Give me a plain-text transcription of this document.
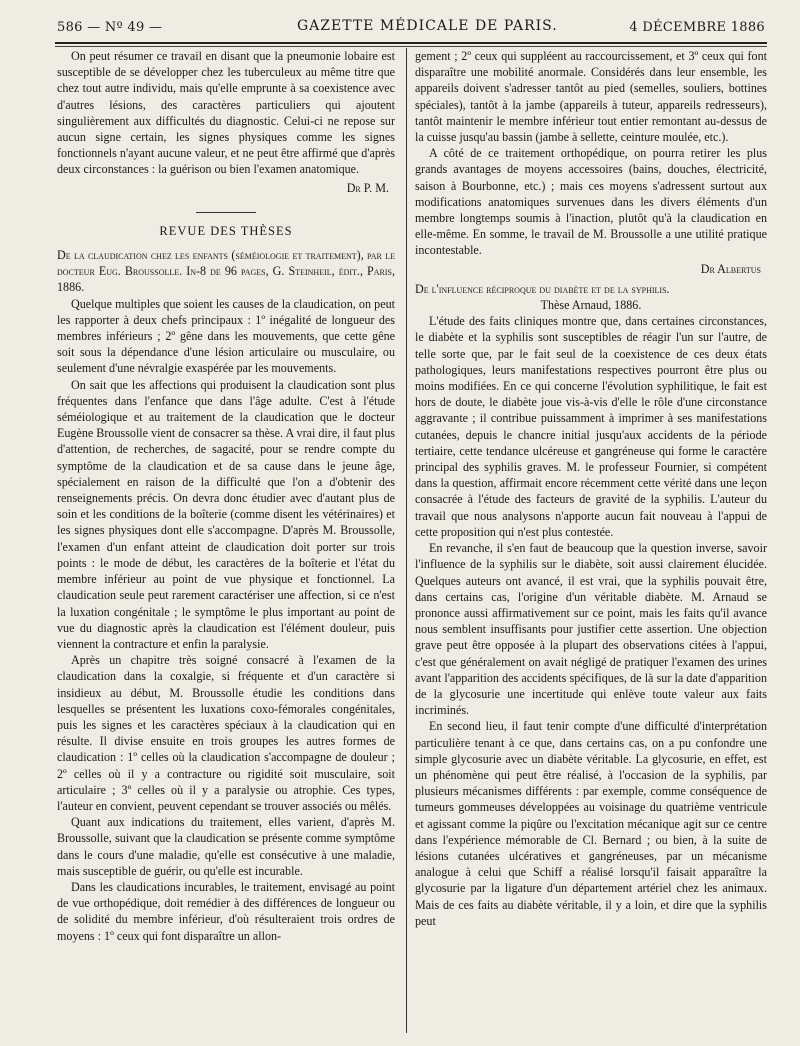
586 — Nº 49 —	GAZETTE MÉDICALE DE PARIS.	4 DÉCEMBRE 1886

On peut résumer ce travail en disant que la pneumonie lobaire est susceptible de se développer chez les tuberculeux au même titre que chez tout autre individu, mais qu'elle emprunte à sa coexistence avec d'autres lésions, des caractères particuliers qui ajoutent singulièrement aux difficultés du diagnostic. Celui-ci ne repose sur aucun signe certain, les signes physiques comme les signes fonctionnels n'ayant aucune valeur, et ne peut être affirmé que d'après deux circonstances : la guérison ou bien l'examen anatomique.

Dr P. M.
REVUE DES THÈSES

De la claudication chez les enfants (séméiologie et traitement), par le docteur Eug. Broussolle. In-8 de 96 pages, G. Steinheil, édit., Paris, 1886.

Quelque multiples que soient les causes de la claudication, on peut les rapporter à deux chefs principaux : 1º inégalité de longueur des membres inférieurs ; 2º gêne dans les mouvements, que cette gêne soit sous la dépendance d'une lésion articulaire ou musculaire, ou seulement d'une névralgie exaspérée par les mouvements.

On sait que les affections qui produisent la claudication sont plus fréquentes dans l'enfance que dans l'âge adulte. C'est à l'étude séméiologique et au traitement de la claudication que le docteur Eugène Broussolle vient de consacrer sa thèse. A vrai dire, il faut plus d'attention, de recherches, de sagacité, pour se rendre compte du symptôme de la claudication et de sa cause dans le jeune âge, spécialement en raison de la difficulté que l'on a d'obtenir des renseignements précis. On devra donc étudier avec d'autant plus de soin et les conditions de la boîterie (comme disent les vétérinaires) et les signes physiques dont elle s'accompagne. D'après M. Broussolle, l'examen d'un enfant atteint de claudication doit porter sur trois points : le mode de début, les caractères de la boîterie et l'état du membre inférieur au point de vue physique et fonctionnel. La claudication seule peut rarement caractériser une affection, si ce n'est la luxation congénitale ; le symptôme le plus important au point de vue du diagnostic après la claudication est l'élément douleur, puis viennent la contracture et enfin la paralysie.

Après un chapitre très soigné consacré à l'examen de la claudication dans la coxalgie, si fréquente et d'un caractère si insidieux au début, M. Broussolle étudie les conditions dans lesquelles se présentent les luxations coxo-fémorales congénitales, puis les signes et les caractères spéciaux à la claudication qui en résulte. Il divise ensuite en trois groupes les autres formes de claudication : 1º celles où la claudication s'accompagne de douleur ; 2º celles où il y a contracture ou rigidité soit musculaire, soit articulaire ; 3º celles où il y a paralysie ou atrophie. Ces types, l'auteur en convient, peuvent cependant se trouver associés ou mêlés.

Quant aux indications du traitement, elles varient, d'après M. Broussolle, suivant que la claudication se présente comme symptôme dans le cours d'une maladie, qu'elle est consécutive à une maladie, mais susceptible de guérir, ou qu'elle est incurable.

Dans les claudications incurables, le traitement, envisagé au point de vue orthopédique, doit remédier à des différences de longueur ou de solidité du membre inférieur, d'où résulteraient trois ordres de moyens : 1º ceux qui font disparaître un allon-

gement ; 2º ceux qui suppléent au raccourcissement, et 3º ceux qui font disparaître une mobilité anormale. Considérés dans leur ensemble, les appareils doivent s'adresser tantôt au pied (semelles, souliers, bottines spéciales), tantôt à la jambe (appareils à tuteur, appareils redresseurs), tantôt maintenir le membre inférieur tout entier remontant au-dessus de la cuisse jusqu'au bassin (jambe à sellette, ceinture moulée, etc.).

A côté de ce traitement orthopédique, on pourra retirer les plus grands avantages de moyens accessoires (bains, douches, électricité, saison à Bourbonne, etc.) ; mais ces moyens s'adressent surtout aux modifications anatomiques survenues dans les divers éléments d'un membre longtemps soumis à l'inaction, plutôt qu'à la claudication en elle-même. En somme, le travail de M. Broussolle a une utilité pratique incontestable.

Dr Albertus

De l'influence réciproque du diabète et de la syphilis.

Thèse Arnaud, 1886.

L'étude des faits cliniques montre que, dans certaines circonstances, le diabète et la syphilis sont susceptibles de réagir l'un sur l'autre, de telle sorte que, par le fait seul de la coexistence de ces deux états pathologiques, leurs manifestations respectives pourront être plus ou moins modifiées. En ce qui concerne l'évolution syphilitique, le fait est hors de doute, le diabète joue vis-à-vis d'elle le rôle d'une circonstance aggravante ; il contribue puissamment à imprimer à ses manifestations cutanées, depuis le chancre initial jusqu'aux accidents de la période tertiaire, cette tendance ulcéreuse et gangréneuse qui forme le caractère principal des syphilis graves. M. le professeur Fournier, si compétent dans la question, affirmait encore récemment cette vérité dans une leçon consacrée à l'étude des facteurs de gravité de la syphilis. L'auteur du travail que nous analysons n'apporte aucun fait nouveau à l'appui de cette proposition qui n'est plus contestée.

En revanche, il s'en faut de beaucoup que la question inverse, savoir l'influence de la syphilis sur le diabète, soit aussi clairement élucidée. Quelques auteurs ont avancé, il est vrai, que la syphilis pouvait être, dans certains cas, l'origine d'un véritable diabète. M. Arnaud se prononce aussi affirmativement sur ce point, mais les faits qu'il avance nous semblent insuffisants pour justifier cette assertion. Une objection grave peut être opposée à la plupart des observations citées à l'appui, c'est que généralement on avait négligé de pratiquer l'examen des urines avant l'apparition des accidents spécifiques, de là sur la date d'apparition de la glycosurie une incertitude qui enlève toute valeur aux faits incriminés.

En second lieu, il faut tenir compte d'une difficulté d'interprétation particulière tenant à ce que, dans certains cas, on a pu confondre une simple glycosurie avec un diabète véritable. La glycosurie, en effet, est un phénomène qui peut être réalisé, à l'occasion de la syphilis, par plusieurs mécanismes différents : par exemple, comme conséquence de tumeurs gommeuses développées au voisinage du quatrième ventricule et agissant comme la piqûre ou l'excitation mécanique agit sur ce centre dans l'expérience mémorable de Cl. Bernard ; ou bien, à la suite de lésions cutanées ulcératives et gangréneuses, par un mécanisme analogue à celui que Schiff a réalisé lorsqu'il faisait apparaître la glycosurie par la ligature d'un département artériel chez les animaux. Mais de ces faits au diabète véritable, il y a loin, et dire que la syphilis peut
